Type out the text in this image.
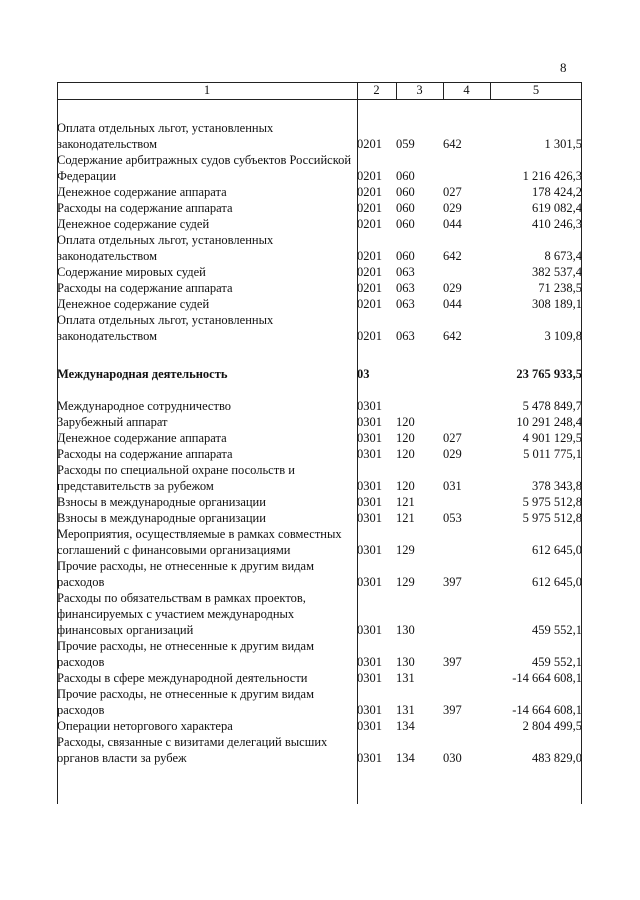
8
1	2	3	4	5

Оплата отдельных льгот, установленных законодательством	0201	059	642	1 301,5
Содержание арбитражных судов субъектов Российской Федерации	0201	060		1 216 426,3
Денежное содержание аппарата	0201	060	027	178 424,2
Расходы на содержание аппарата	0201	060	029	619 082,4
Денежное содержание судей	0201	060	044	410 246,3
Оплата отдельных льгот, установленных законодательством	0201	060	642	8 673,4
Содержание мировых судей	0201	063		382 537,4
Расходы на содержание аппарата	0201	063	029	71 238,5
Денежное содержание судей	0201	063	044	308 189,1
Оплата отдельных льгот, установленных законодательством	0201	063	642	3 109,8

Международная деятельность	03			23 765 933,5

Международное сотрудничество	0301			5 478 849,7
Зарубежный аппарат	0301	120		10 291 248,4
Денежное содержание аппарата	0301	120	027	4 901 129,5
Расходы на содержание аппарата	0301	120	029	5 011 775,1
Расходы по специальной охране посольств и представительств за рубежом	0301	120	031	378 343,8
Взносы в международные организации	0301	121		5 975 512,8
Взносы в международные организации	0301	121	053	5 975 512,8
Мероприятия, осуществляемые в рамках совместных соглашений с финансовыми организациями	0301	129		612 645,0
Прочие расходы, не отнесенные к другим видам расходов	0301	129	397	612 645,0
Расходы по обязательствам в рамках проектов, финансируемых с участием международных финансовых организаций	0301	130		459 552,1
Прочие расходы, не отнесенные к другим видам расходов	0301	130	397	459 552,1
Расходы в сфере международной деятельности	0301	131		-14 664 608,1
Прочие расходы, не отнесенные к другим видам расходов	0301	131	397	-14 664 608,1
Операции неторгового характера	0301	134		2 804 499,5
Расходы, связанные с визитами делегаций высших органов власти за рубеж	0301	134	030	483 829,0
